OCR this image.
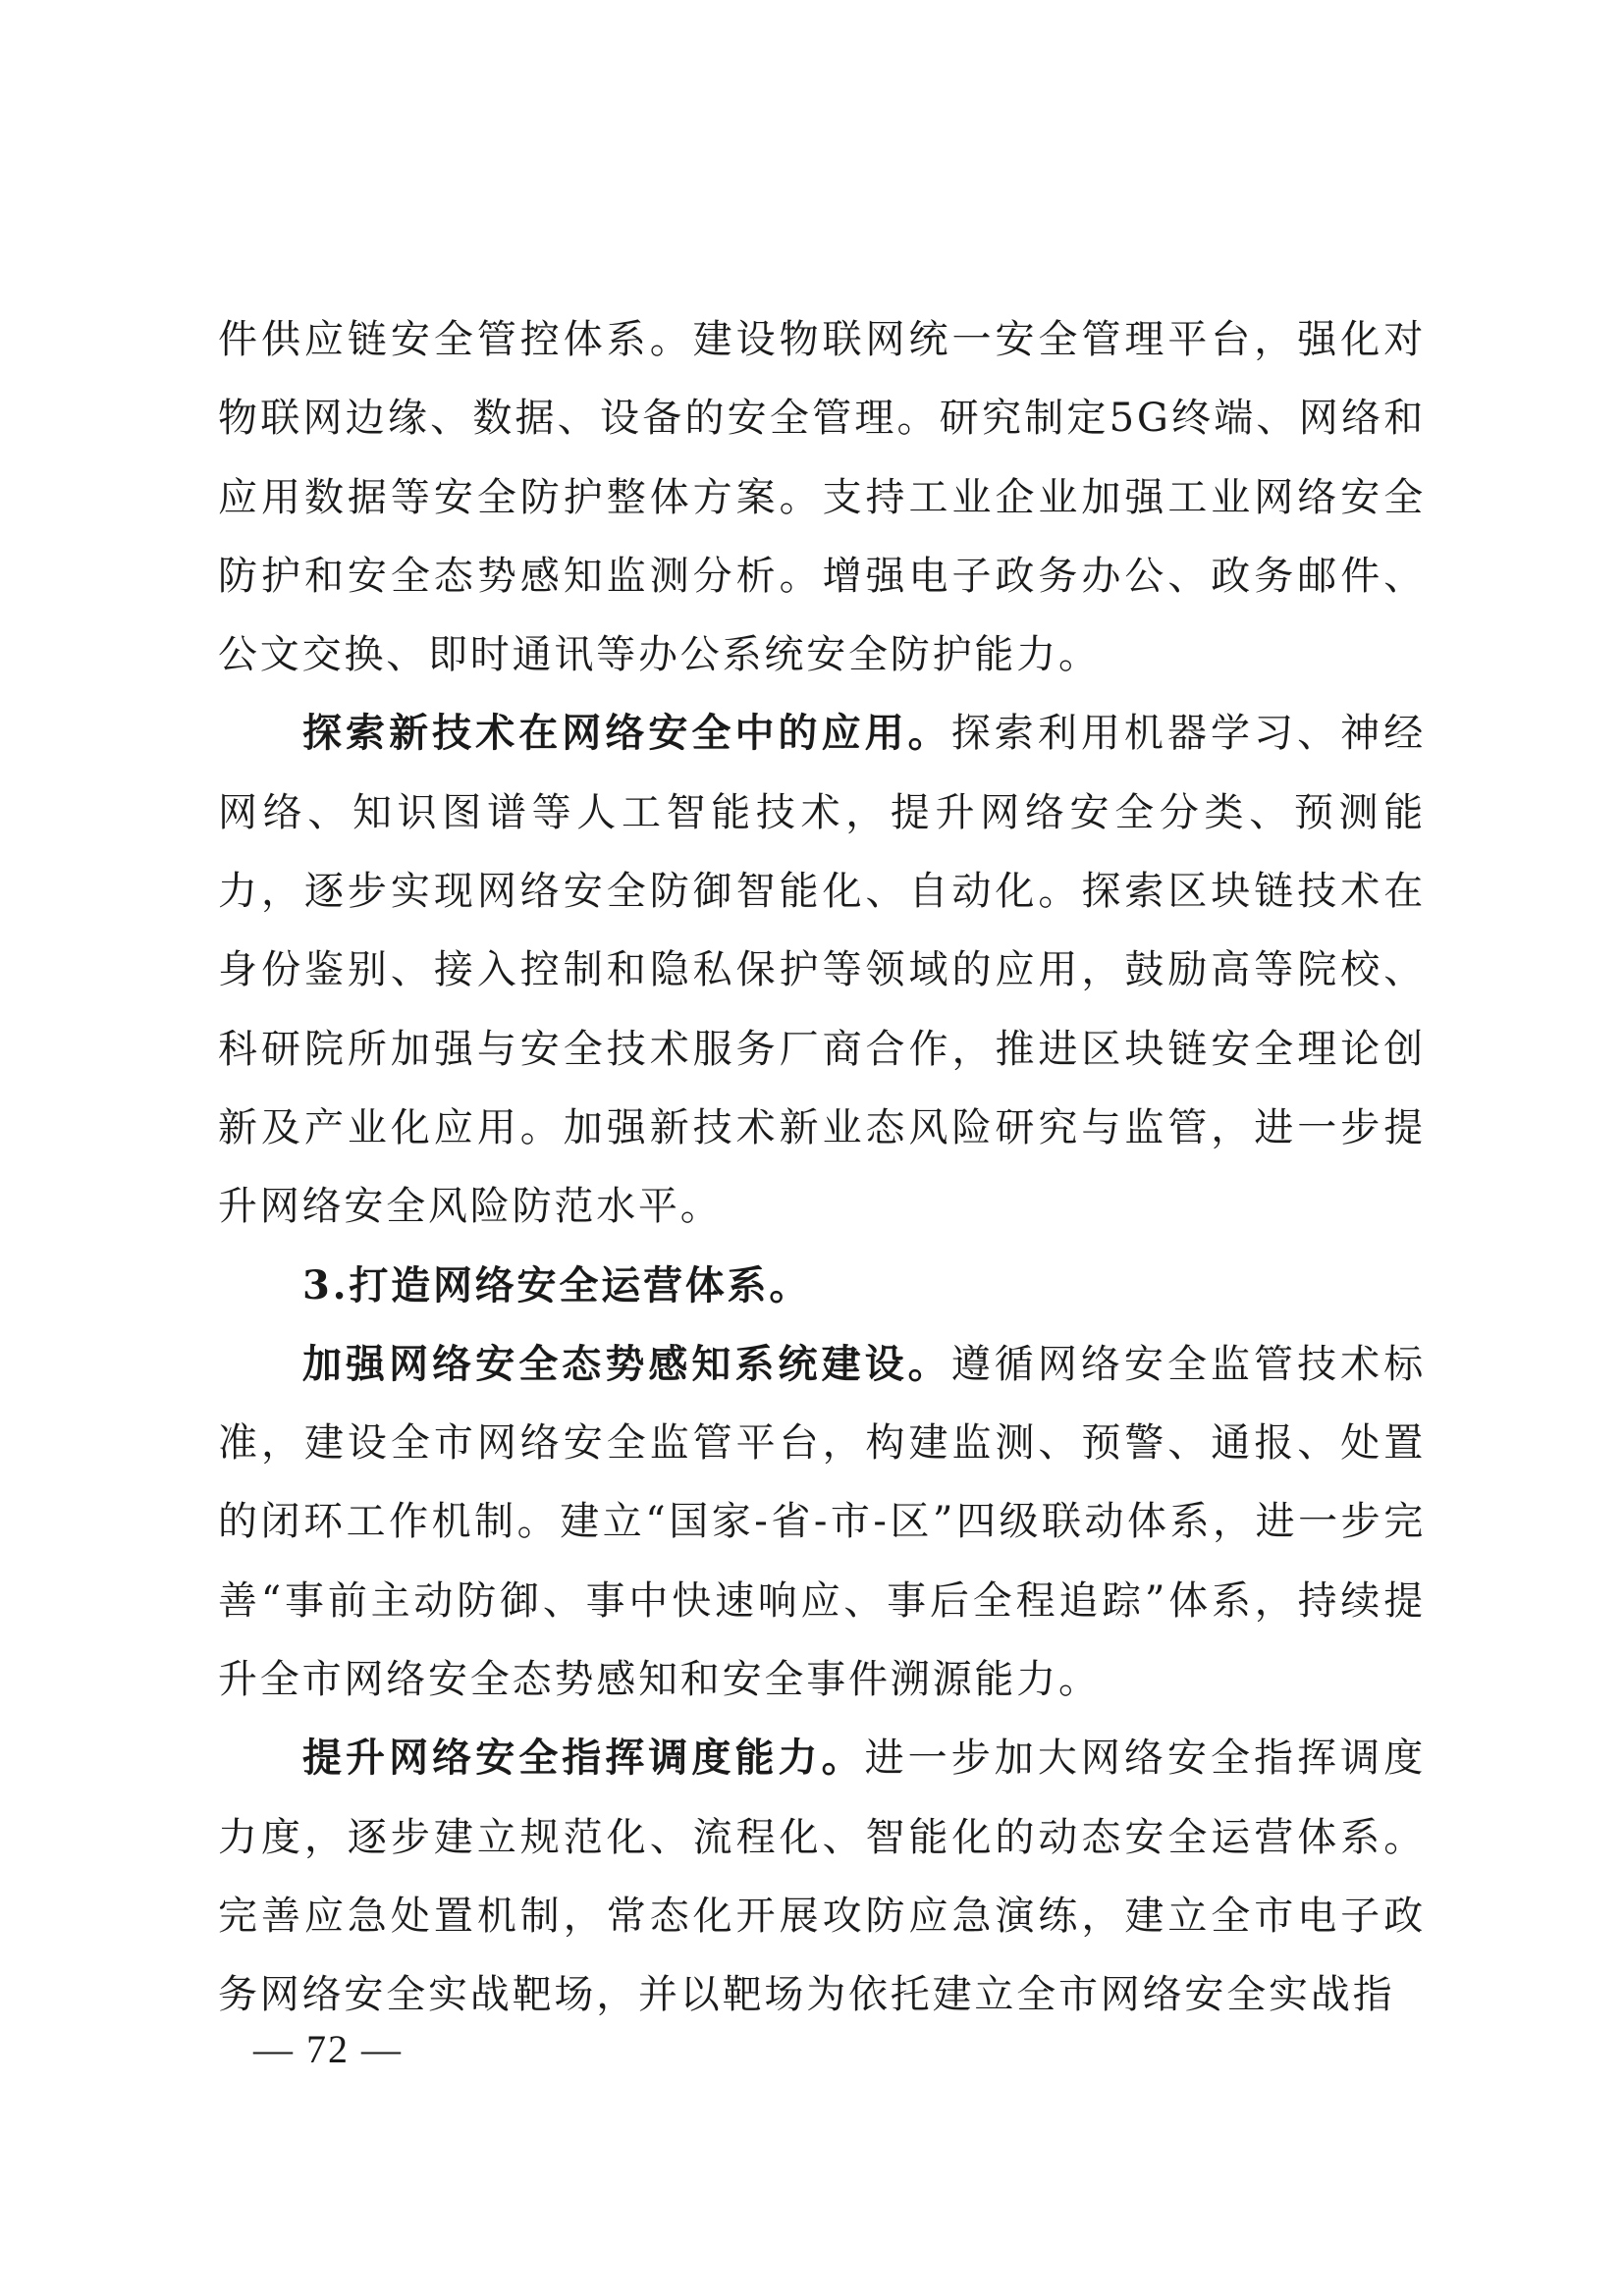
件供应链安全管控体系。建设物联网统一安全管理平台，强化对物联网边缘、数据、设备的安全管理。研究制定5G终端、网络和应用数据等安全防护整体方案。支持工业企业加强工业网络安全防护和安全态势感知监测分析。增强电子政务办公、政务邮件、公文交换、即时通讯等办公系统安全防护能力。

探索新技术在网络安全中的应用。探索利用机器学习、神经网络、知识图谱等人工智能技术，提升网络安全分类、预测能力，逐步实现网络安全防御智能化、自动化。探索区块链技术在身份鉴别、接入控制和隐私保护等领域的应用，鼓励高等院校、科研院所加强与安全技术服务厂商合作，推进区块链安全理论创新及产业化应用。加强新技术新业态风险研究与监管，进一步提升网络安全风险防范水平。

3.打造网络安全运营体系。

加强网络安全态势感知系统建设。遵循网络安全监管技术标准，建设全市网络安全监管平台，构建监测、预警、通报、处置的闭环工作机制。建立“国家-省-市-区”四级联动体系，进一步完善“事前主动防御、事中快速响应、事后全程追踪”体系，持续提升全市网络安全态势感知和安全事件溯源能力。

提升网络安全指挥调度能力。进一步加大网络安全指挥调度力度，逐步建立规范化、流程化、智能化的动态安全运营体系。完善应急处置机制，常态化开展攻防应急演练，建立全市电子政务网络安全实战靶场，并以靶场为依托建立全市网络安全实战指

— 72 —
